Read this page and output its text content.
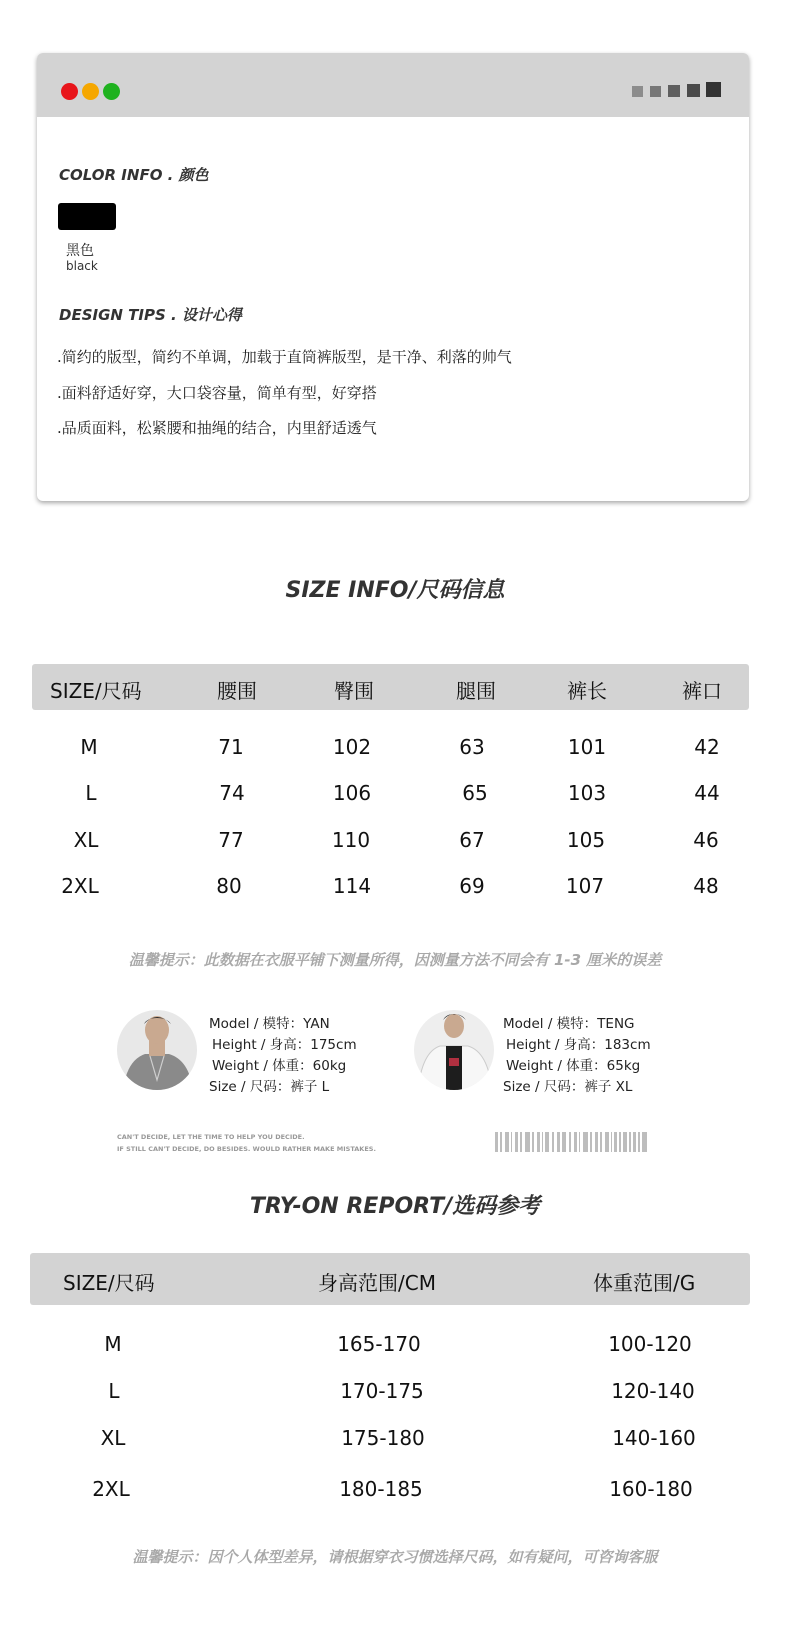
COLOR INFO . 颜色
黑色
black
DESIGN TIPS . 设计心得
.简约的版型，简约不单调，加载于直筒裤版型，是干净、利落的帅气
.面料舒适好穿，大口袋容量，简单有型，好穿搭
.品质面料，松紧腰和抽绳的结合，内里舒适透气
SIZE INFO/尺码信息
SIZE/尺码	腰围	臀围	腿围	裤长	裤口
M	71	102	63	101	42
L	74	106	65	103	44
XL	77	110	67	105	46
2XL	80	114	69	107	48
温馨提示：此数据在衣服平铺下测量所得，因测量方法不同会有 1-3 厘米的误差
Model / 模特：YAN
Height / 身高：175cm
Weight / 体重：60kg
Size / 尺码：裤子 L
Model / 模特：TENG
Height / 身高：183cm
Weight / 体重：65kg
Size / 尺码：裤子 XL
CAN'T DECIDE, LET THE TIME TO HELP YOU DECIDE.
IF STILL CAN'T DECIDE, DO BESIDES. WOULD RATHER MAKE MISTAKES.
TRY-ON REPORT/选码参考
SIZE/尺码	身高范围/CM	体重范围/G
M	165-170	100-120
L	170-175	120-140
XL	175-180	140-160
2XL	180-185	160-180
温馨提示：因个人体型差异，请根据穿衣习惯选择尺码，如有疑问，可咨询客服
